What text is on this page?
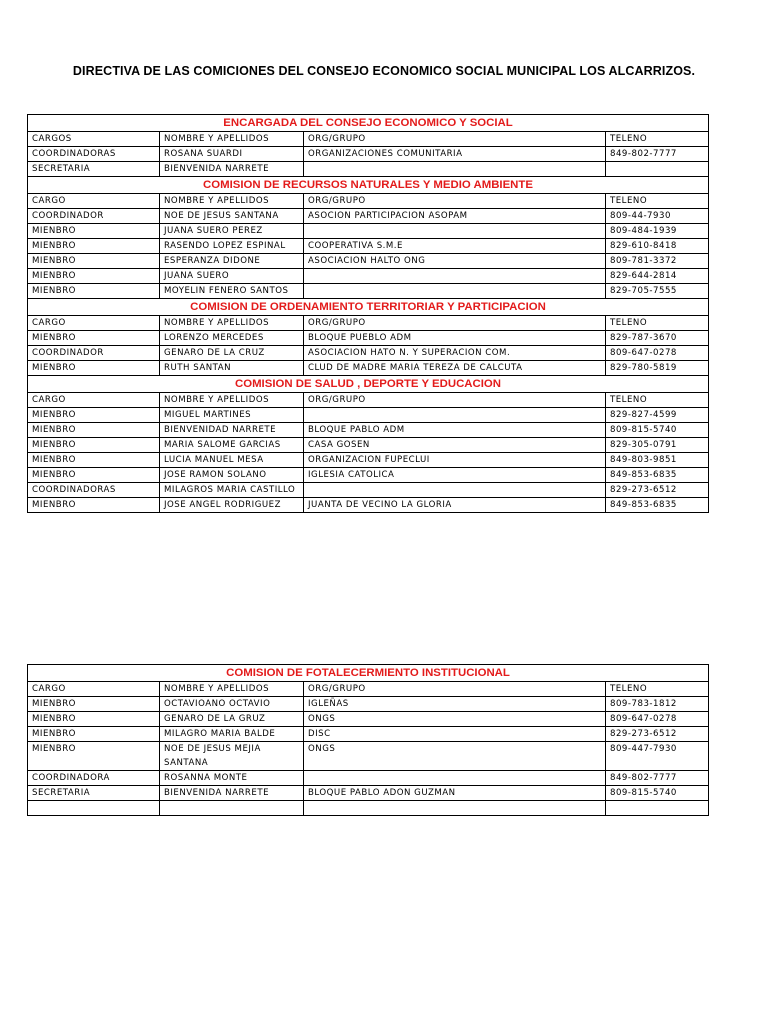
DIRECTIVA DE LAS COMICIONES DEL CONSEJO ECONOMICO SOCIAL MUNICIPAL LOS ALCARRIZOS.
ENCARGADA DEL CONSEJO ECONOMICO Y SOCIAL			
CARGOS	NOMBRE Y APELLIDOS	ORG/GRUPO	TELENO
COORDINADORAS	ROSANA SUARDI	ORGANIZACIONES COMUNITARIA	849-802-7777
SECRETARIA	BIENVENIDA NARRETE		
COMISION DE RECURSOS NATURALES Y MEDIO AMBIENTE			
CARGO	NOMBRE Y APELLIDOS	ORG/GRUPO	TELENO
COORDINADOR	NOE DE JESUS SANTANA	ASOCION PARTICIPACION ASOPAM	809-44-7930
MIENBRO	JUANA SUERO PEREZ		809-484-1939
MIENBRO	RASENDO LOPEZ ESPINAL	COOPERATIVA S.M.E	829-610-8418
MIENBRO	ESPERANZA DIDONE	ASOCIACION HALTO ONG	809-781-3372
MIENBRO	JUANA SUERO		829-644-2814
MIENBRO	MOYELIN FENERO SANTOS		829-705-7555
COMISION DE ORDENAMIENTO TERRITORIAR Y PARTICIPACION			
CARGO	NOMBRE Y APELLIDOS	ORG/GRUPO	TELENO
MIENBRO	LORENZO MERCEDES	BLOQUE PUEBLO ADM	829-787-3670
COORDINADOR	GENARO DE LA CRUZ	ASOCIACION HATO N. Y SUPERACION COM.	809-647-0278
MIENBRO	RUTH SANTAN	CLUD DE MADRE MARIA TEREZA DE CALCUTA	829-780-5819
COMISION DE SALUD , DEPORTE Y EDUCACION			
CARGO	NOMBRE Y APELLIDOS	ORG/GRUPO	TELENO
MIENBRO	MIGUEL MARTINES		829-827-4599
MIENBRO	BIENVENIDAD NARRETE	BLOQUE PABLO ADM	809-815-5740
MIENBRO	MARIA SALOME GARCIAS	CASA GOSEN	829-305-0791
MIENBRO	LUCIA MANUEL MESA	ORGANIZACION FUPECLUI	849-803-9851
MIENBRO	JOSE RAMON SOLANO	IGLESIA CATOLICA	849-853-6835
COORDINADORAS	MILAGROS MARIA CASTILLO		829-273-6512
MIENBRO	JOSE ANGEL RODRIGUEZ	JUANTA DE VECINO LA GLORIA	849-853-6835
COMISION DE FOTALECERMIENTO INSTITUCIONAL			
CARGO	NOMBRE Y APELLIDOS	ORG/GRUPO	TELENO
MIENBRO	OCTAVIOANO OCTAVIO	IGLEÑAS	809-783-1812
MIENBRO	GENARO DE LA GRUZ	ONGS	809-647-0278
MIENBRO	MILAGRO MARIA BALDE	DISC	829-273-6512
MIENBRO	NOE DE JESUS MEJIA SANTANA	ONGS	809-447-7930
COORDINADORA	ROSANNA MONTE		849-802-7777
SECRETARIA	BIENVENIDA NARRETE	BLOQUE PABLO ADON GUZMAN	809-815-5740
